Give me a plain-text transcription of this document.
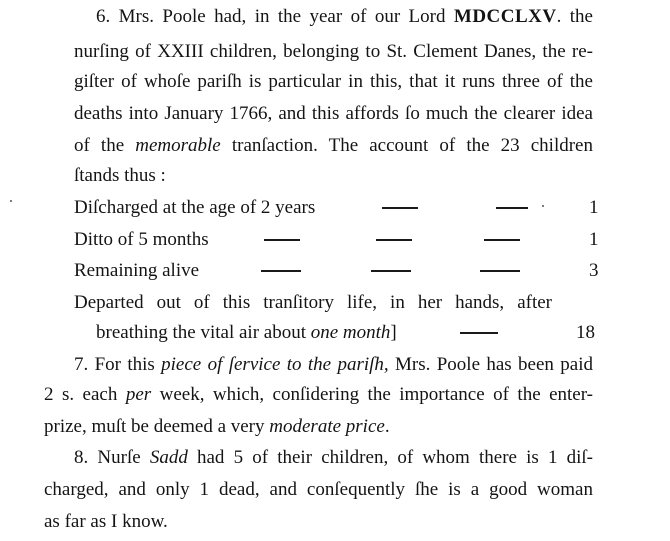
6. Mrs. Poole had, in the year of our Lord MDCCLXV. the
nurſing of XXIII children, belonging to St. Clement Danes, the re-
giſter of whoſe pariſh is particular in this, that it runs three of the
deaths into January 1766, and this affords ſo much the clearer idea
of the memorable tranſaction. The account of the 23 children
ſtands thus :
Diſcharged at the age of 2 years	1
Ditto of 5 months	1
Remaining alive	3
Departed out of this tranſitory life, in her hands, after
breathing the vital air about one month]	18
7. For this piece of ſervice to the pariſh, Mrs. Poole has been paid
2 s. each per week, which, conſidering the importance of the enter-
prize, muſt be deemed a very moderate price.
8. Nurſe Sadd had 5 of their children, of whom there is 1 diſ-
charged, and only 1 dead, and conſequently ſhe is a good woman
as far as I know.
